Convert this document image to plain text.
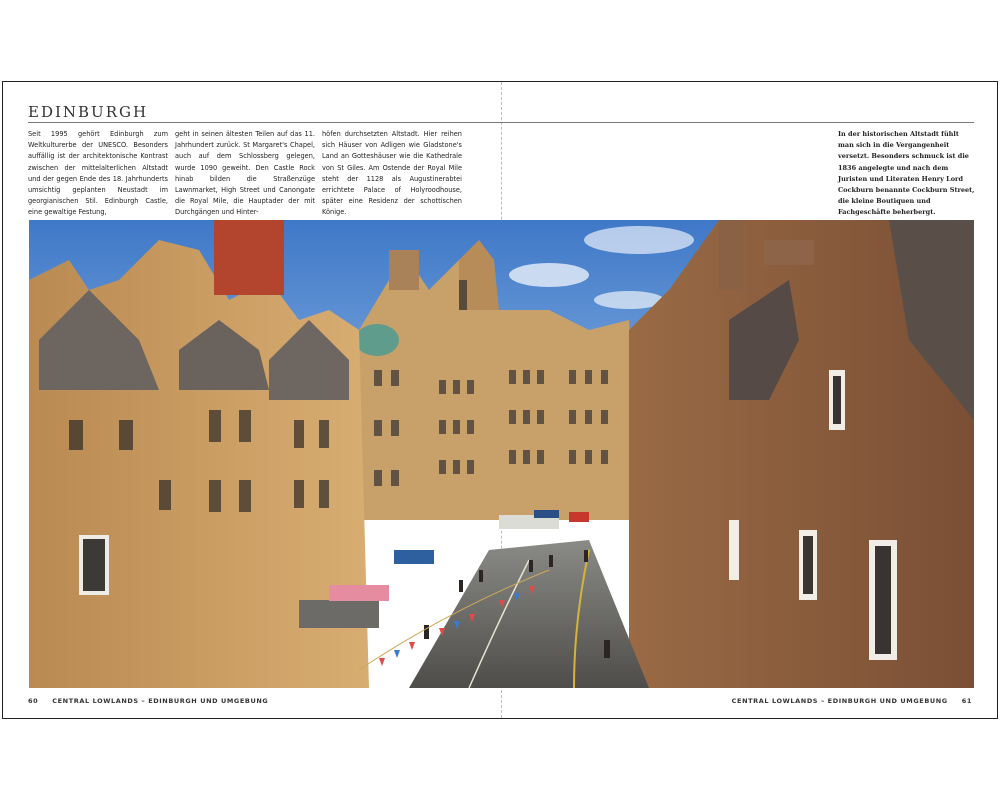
EDINBURGH

Seit 1995 gehört Edinburgh zum Weltkulturerbe der UNESCO. Besonders auffällig ist der architektonische Kontrast zwischen der mittelalterlichen Altstadt und der gegen Ende des 18. Jahrhunderts umsichtig geplanten Neustadt im georgianischen Stil. Edinburgh Castle, eine gewaltige Festung,

geht in seinen ältesten Teilen auf das 11. Jahrhundert zurück. St Margaret's Chapel, auch auf dem Schlossberg gelegen, wurde 1090 geweiht. Den Castle Rock hinab bilden die Straßenzüge Lawnmarket, High Street und Canongate die Royal Mile, die Hauptader der mit Durchgängen und Hinter-

höfen durchsetzten Altstadt. Hier reihen sich Häuser von Adligen wie Gladstone's Land an Gotteshäuser wie die Kathedrale von St Giles. Am Ostende der Royal Mile steht der 1128 als Augustinerabtei errichtete Palace of Holyroodhouse, später eine Residenz der schottischen Könige.

In der historischen Altstadt fühlt man sich in die Vergangenheit versetzt. Besonders schmuck ist die 1836 angelegte und nach dem Juristen und Literaten Henry Lord Cockburn benannte Cockburn Street, die kleine Boutiquen und Fachgeschäfte beherbergt.

60 CENTRAL LOWLANDS – EDINBURGH UND UMGEBUNG	CENTRAL LOWLANDS – EDINBURGH UND UMGEBUNG 61
